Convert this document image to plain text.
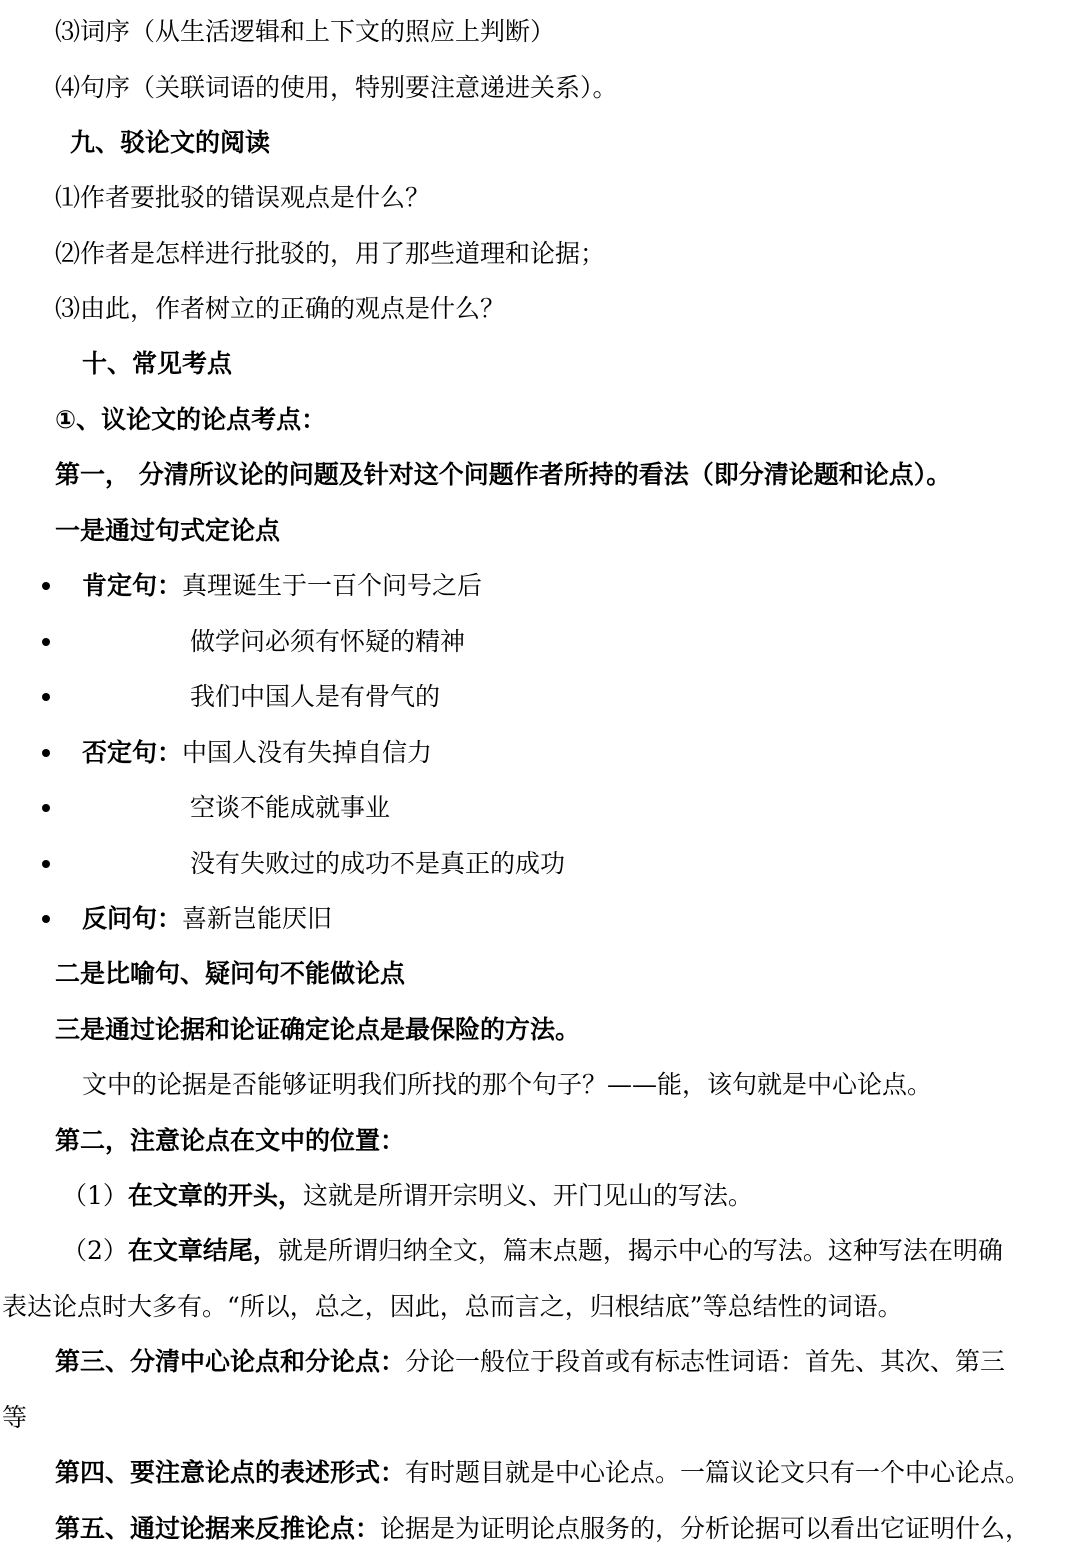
⑶词序（从生活逻辑和上下文的照应上判断）
⑷句序（关联词语的使用，特别要注意递进关系）。
九、驳论文的阅读
⑴作者要批驳的错误观点是什么？
⑵作者是怎样进行批驳的，用了那些道理和论据；
⑶由此，作者树立的正确的观点是什么？
十、常见考点
①、议论文的论点考点：
第一， 分清所议论的问题及针对这个问题作者所持的看法（即分清论题和论点）。
一是通过句式定论点
肯定句：真理诞生于一百个问号之后
做学问必须有怀疑的精神
我们中国人是有骨气的
否定句：中国人没有失掉自信力
空谈不能成就事业
没有失败过的成功不是真正的成功
反问句：喜新岂能厌旧
二是比喻句、疑问句不能做论点
三是通过论据和论证确定论点是最保险的方法。
文中的论据是否能够证明我们所找的那个句子？——能，该句就是中心论点。
第二，注意论点在文中的位置：
（1）在文章的开头，这就是所谓开宗明义、开门见山的写法。
（2）在文章结尾，就是所谓归纳全文，篇末点题，揭示中心的写法。这种写法在明确
表达论点时大多有。“所以，总之，因此，总而言之，归根结底”等总结性的词语。
第三、分清中心论点和分论点：分论一般位于段首或有标志性词语：首先、其次、第三
等
第四、要注意论点的表述形式：有时题目就是中心论点。一篇议论文只有一个中心论点。
第五、通过论据来反推论点：论据是为证明论点服务的，分析论据可以看出它证明什么，
